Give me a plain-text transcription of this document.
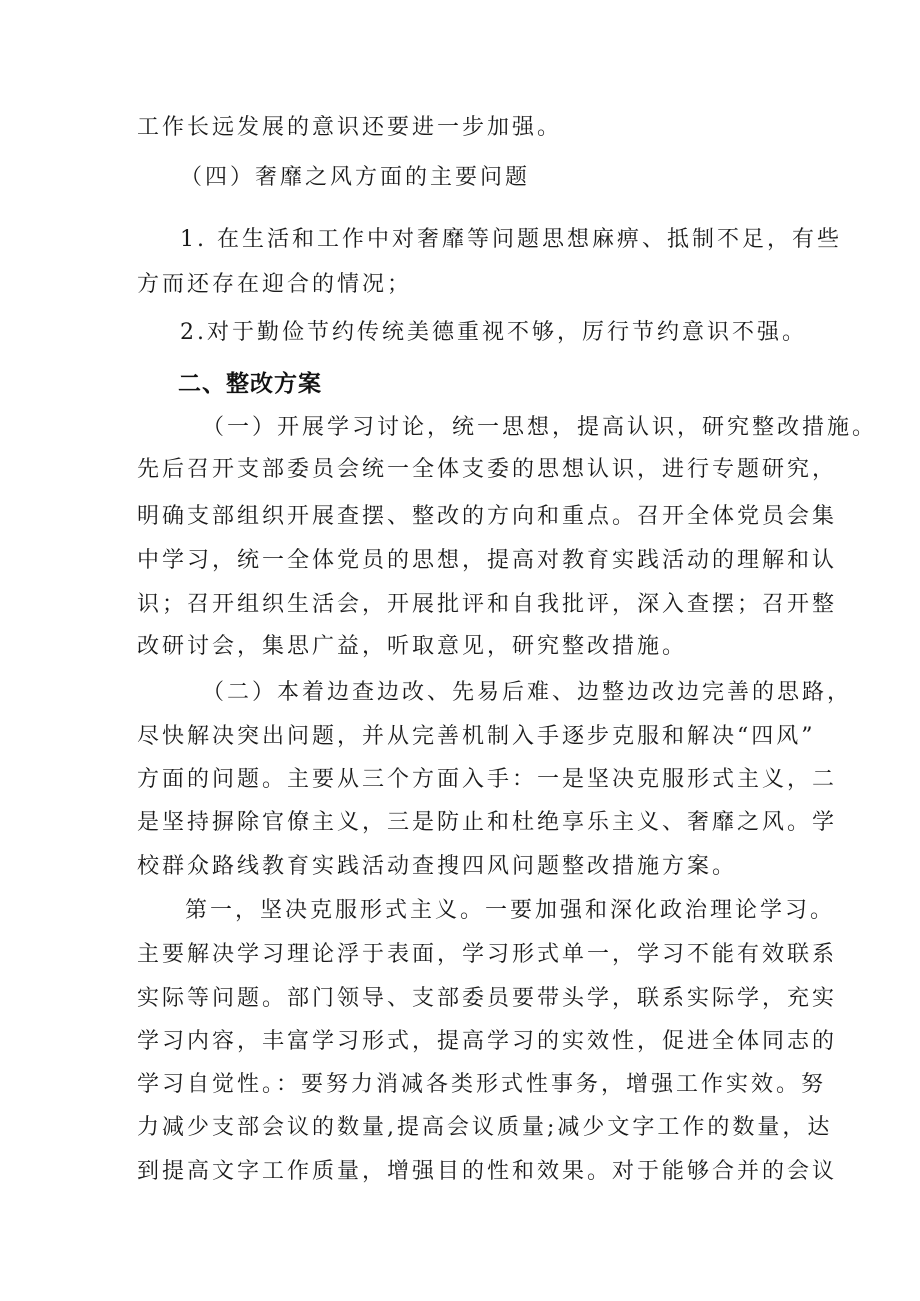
工作长远发展的意识还要进一步加强。
（四）奢靡之风方面的主要问题
1. 在生活和工作中对奢靡等问题思想麻痹、抵制不足，有些
方而还存在迎合的情况；
2.对于勤俭节约传统美德重视不够，厉行节约意识不强。
二、整改方案
（一）开展学习讨论，统一思想，提高认识，研究整改措施。
先后召开支部委员会统一全体支委的思想认识，进行专题研究，
明确支部组织开展查摆、整改的方向和重点。召开全体党员会集
中学习，统一全体党员的思想，提高对教育实践活动的理解和认
识；召开组织生活会，开展批评和自我批评，深入查摆；召开整
改研讨会，集思广益，听取意见，研究整改措施。
（二）本着边查边改、先易后难、边整边改边完善的思路，
尽快解决突出问题，并从完善机制入手逐步克服和解决“四风”
方面的问题。主要从三个方面入手：一是坚决克服形式主义，二
是坚持摒除官僚主义，三是防止和杜绝享乐主义、奢靡之风。学
校群众路线教育实践活动查搜四风问题整改措施方案。
第一，坚决克服形式主义。一要加强和深化政治理论学习。
主要解决学习理论浮于表面，学习形式单一，学习不能有效联系
实际等问题。部门领导、支部委员要带头学，联系实际学，充实
学习内容，丰富学习形式，提高学习的实效性，促进全体同志的
学习自觉性。：要努力消减各类形式性事务，增强工作实效。努
力减少支部会议的数量,提高会议质量;减少文字工作的数量，达
到提高文字工作质量，增强目的性和效果。对于能够合并的会议
